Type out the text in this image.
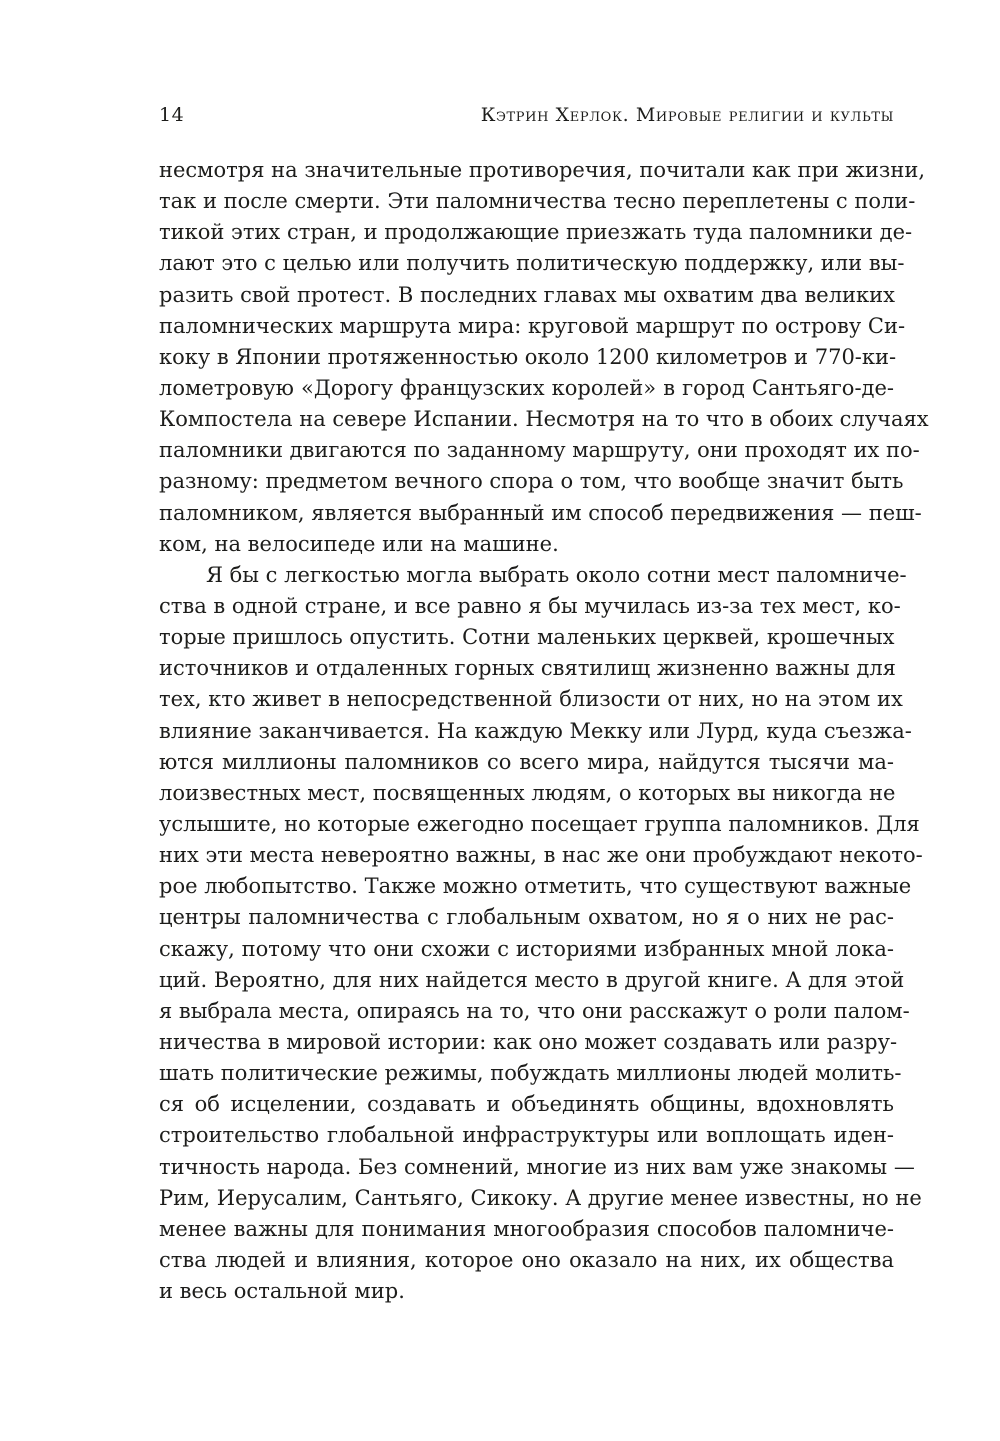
14	Кэтрин Херлок. Мировые религии и культы
несмотря на значительные противоречия, почитали как при жизни,
так и после смерти. Эти паломничества тесно переплетены с поли-
тикой этих стран, и продолжающие приезжать туда паломники де-
лают это с целью или получить политическую поддержку, или вы-
разить свой протест. В последних главах мы охватим два великих
паломнических маршрута мира: круговой маршрут по острову Си-
коку в Японии протяженностью около 1200 километров и 770-ки-
лометровую «Дорогу французских королей» в город Сантьяго-де-
Компостела на севере Испании. Несмотря на то что в обоих случаях
паломники двигаются по заданному маршруту, они проходят их по-
разному: предметом вечного спора о том, что вообще значит быть
паломником, является выбранный им способ передвижения — пеш-
ком, на велосипеде или на машине.
Я бы с легкостью могла выбрать около сотни мест паломниче-
ства в одной стране, и все равно я бы мучилась из-за тех мест, ко-
торые пришлось опустить. Сотни маленьких церквей, крошечных
источников и отдаленных горных святилищ жизненно важны для
тех, кто живет в непосредственной близости от них, но на этом их
влияние заканчивается. На каждую Мекку или Лурд, куда съезжа-
ются миллионы паломников со всего мира, найдутся тысячи ма-
лоизвестных мест, посвященных людям, о которых вы никогда не
услышите, но которые ежегодно посещает группа паломников. Для
них эти места невероятно важны, в нас же они пробуждают некото-
рое любопытство. Также можно отметить, что существуют важные
центры паломничества с глобальным охватом, но я о них не рас-
скажу, потому что они схожи с историями избранных мной лока-
ций. Вероятно, для них найдется место в другой книге. А для этой
я выбрала места, опираясь на то, что они расскажут о роли палом-
ничества в мировой истории: как оно может создавать или разру-
шать политические режимы, побуждать миллионы людей молить-
ся об исцелении, создавать и объединять общины, вдохновлять
строительство глобальной инфраструктуры или воплощать иден-
тичность народа. Без сомнений, многие из них вам уже знакомы —
Рим, Иерусалим, Сантьяго, Сикоку. А другие менее известны, но не
менее важны для понимания многообразия способов паломниче-
ства людей и влияния, которое оно оказало на них, их общества
и весь остальной мир.
